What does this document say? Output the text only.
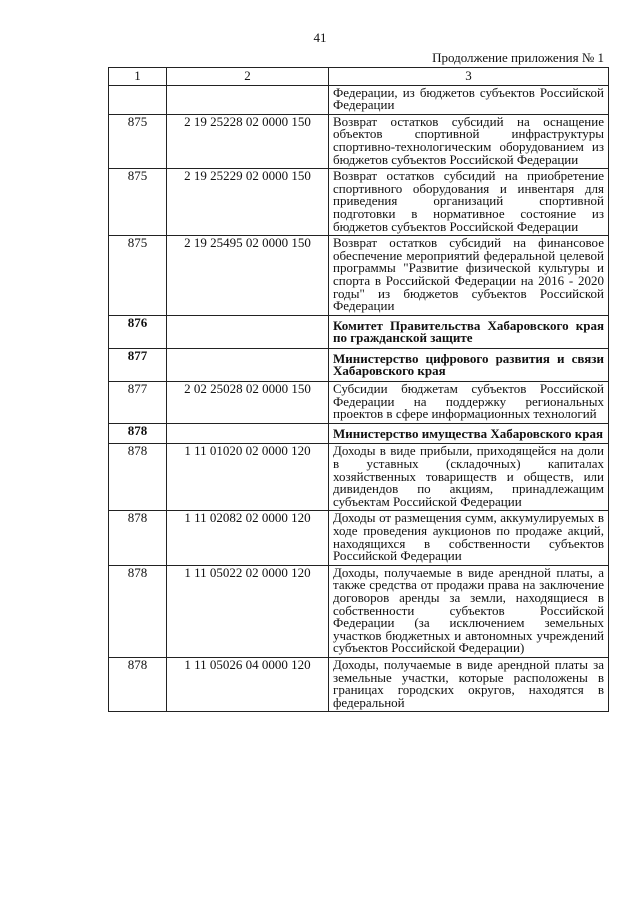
41
Продолжение приложения № 1
1	2	3
		Федерации, из бюджетов субъектов Российской Федерации
875	2 19 25228 02 0000 150	Возврат остатков субсидий на оснащение объектов спортивной инфраструктуры спортивно-технологическим оборудованием из бюджетов субъектов Российской Федерации
875	2 19 25229 02 0000 150	Возврат остатков субсидий на приобретение спортивного оборудования и инвентаря для приведения организаций спортивной подготовки в нормативное состояние из бюджетов субъектов Российской Федерации
875	2 19 25495 02 0000 150	Возврат остатков субсидий на финансовое обеспечение мероприятий федеральной целевой программы "Развитие физической культуры и спорта в Российской Федерации на 2016 - 2020 годы" из бюджетов субъектов Российской Федерации
876		Комитет Правительства Хабаровского края по гражданской защите
877		Министерство цифрового развития и связи Хабаровского края
877	2 02 25028 02 0000 150	Субсидии бюджетам субъектов Российской Федерации на поддержку региональных проектов в сфере информационных технологий
878		Министерство имущества Хабаровского края
878	1 11 01020 02 0000 120	Доходы в виде прибыли, приходящейся на доли в уставных (складочных) капиталах хозяйственных товариществ и обществ, или дивидендов по акциям, принадлежащим субъектам Российской Федерации
878	1 11 02082 02 0000 120	Доходы от размещения сумм, аккумулируемых в ходе проведения аукционов по продаже акций, находящихся в собственности субъектов Российской Федерации
878	1 11 05022 02 0000 120	Доходы, получаемые в виде арендной платы, а также средства от продажи права на заключение договоров аренды за земли, находящиеся в собственности субъектов Российской Федерации (за исключением земельных участков бюджетных и автономных учреждений субъектов Российской Федерации)
878	1 11 05026 04 0000 120	Доходы, получаемые в виде арендной платы за земельные участки, которые расположены в границах городских округов, находятся в федеральной
